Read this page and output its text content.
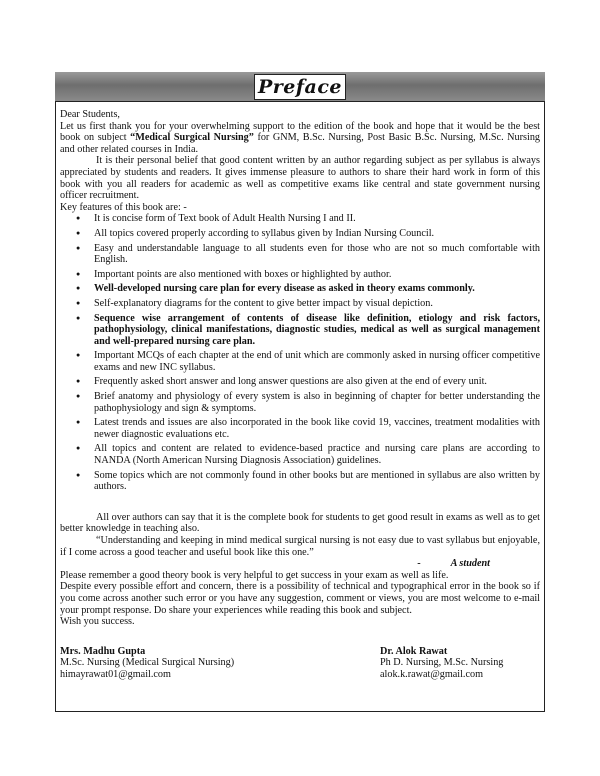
Preface

Dear Students,

Let us first thank you for your overwhelming support to the edition of the book and hope that it would be the best book on subject “Medical Surgical Nursing” for GNM, B.Sc. Nursing, Post Basic B.Sc. Nursing, M.Sc. Nursing and other related courses in India.

It is their personal belief that good content written by an author regarding subject as per syllabus is always appreciated by students and readers. It gives immense pleasure to authors to share their hard work in form of this book with you all readers for academic as well as competitive exams like central and state government nursing officer recruitment.

Key features of this book are: -

● It is concise form of Text book of Adult Health Nursing I and II.
● All topics covered properly according to syllabus given by Indian Nursing Council.
● Easy and understandable language to all students even for those who are not so much comfortable with English.
● Important points are also mentioned with boxes or highlighted by author.
● Well-developed nursing care plan for every disease as asked in theory exams commonly.
● Self-explanatory diagrams for the content to give better impact by visual depiction.
● Sequence wise arrangement of contents of disease like definition, etiology and risk factors, pathophysiology, clinical manifestations, diagnostic studies, medical as well as surgical management and well-prepared nursing care plan.
● Important MCQs of each chapter at the end of unit which are commonly asked in nursing officer competitive exams and new INC syllabus.
● Frequently asked short answer and long answer questions are also given at the end of every unit.
● Brief anatomy and physiology of every system is also in beginning of chapter for better understanding the pathophysiology and sign & symptoms.
● Latest trends and issues are also incorporated in the book like covid 19, vaccines, treatment modalities with newer diagnostic evaluations etc.
● All topics and content are related to evidence-based practice and nursing care plans are according to NANDA (North American Nursing Diagnosis Association) guidelines.
● Some topics which are not commonly found in other books but are mentioned in syllabus are also written by authors.

All over authors can say that it is the complete book for students to get good result in exams as well as to get better knowledge in teaching also.

“Understanding and keeping in mind medical surgical nursing is not easy due to vast syllabus but enjoyable, if I come across a good teacher and useful book like this one.”

-	A student

Please remember a good theory book is very helpful to get success in your exam as well as life.

Despite every possible effort and concern, there is a possibility of technical and typographical error in the book so if you come across another such error or you have any suggestion, comment or views, you are most welcome to e-mail your prompt response. Do share your experiences while reading this book and subject.

Wish you success.

Mrs. Madhu Gupta
M.Sc. Nursing (Medical Surgical Nursing)
himayrawat01@gmail.com
Dr. Alok Rawat
Ph D. Nursing, M.Sc. Nursing
alok.k.rawat@gmail.com
